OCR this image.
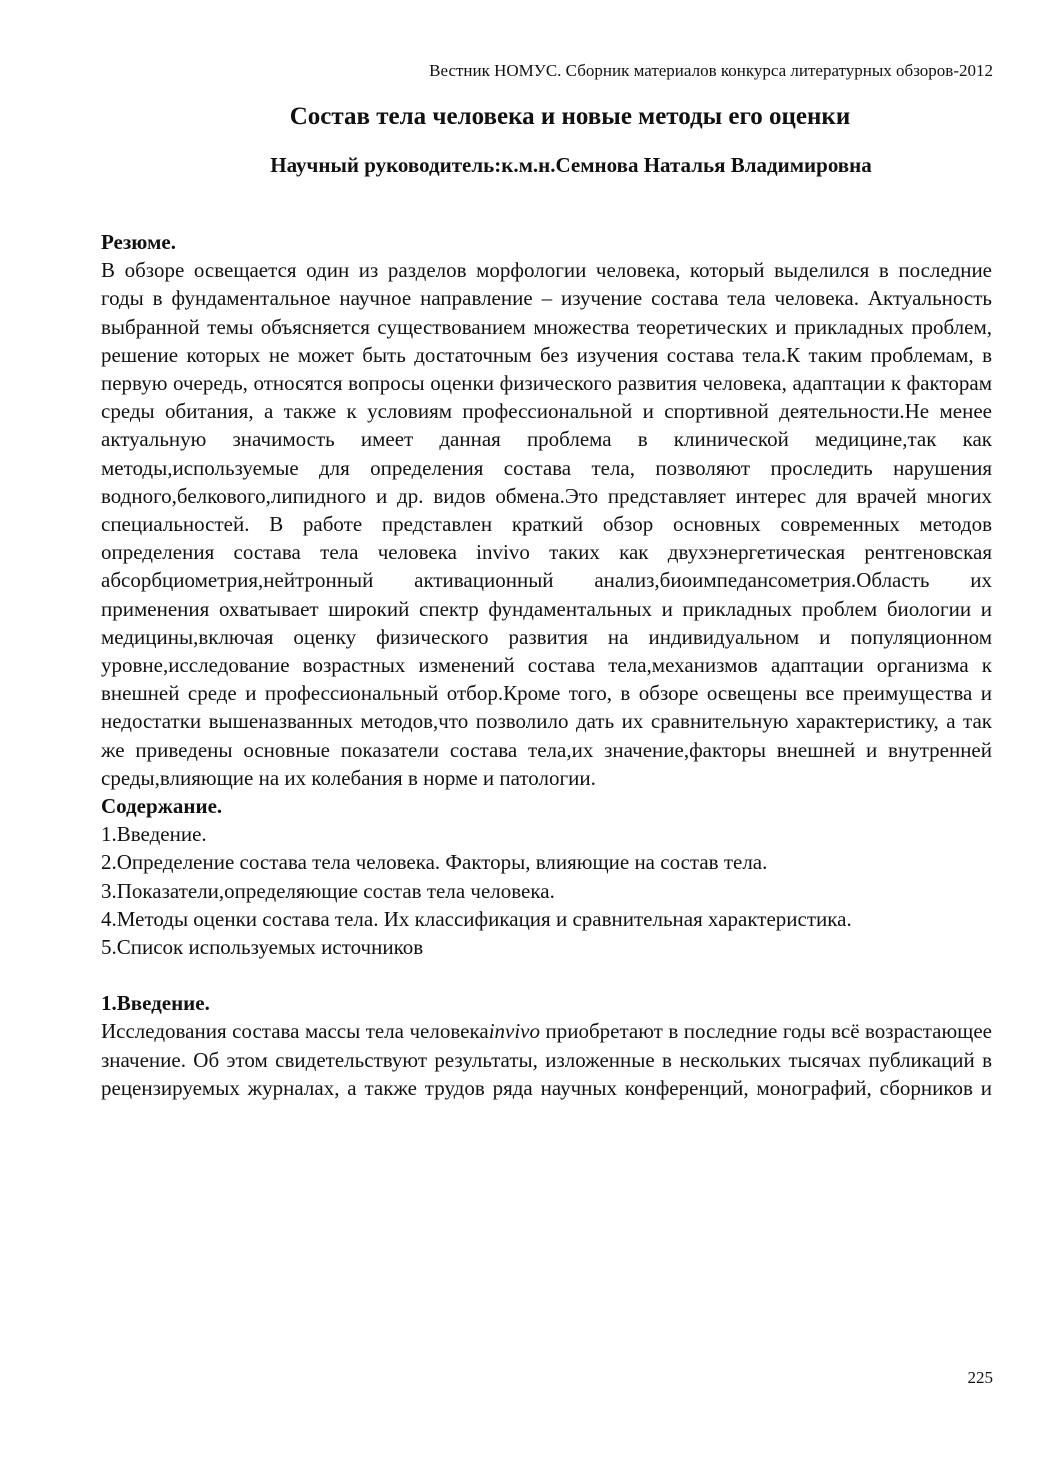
Вестник НОМУС. Сборник материалов конкурса литературных обзоров-2012
Состав тела человека и новые методы его оценки
Научный руководитель:к.м.н.Семнова Наталья Владимировна
Резюме.
В обзоре освещается один из разделов морфологии человека, который выделился в последние годы в фундаментальное научное направление – изучение состава тела человека. Актуальность выбранной темы объясняется существованием множества теоретических и прикладных проблем, решение которых не может быть достаточным без изучения состава тела.К таким проблемам, в первую очередь, относятся вопросы оценки физического развития человека, адаптации к факторам среды обитания, а также к условиям профессиональной и спортивной деятельности.Не менее актуальную значимость имеет данная проблема в клинической медицине,так как методы,используемые для определения состава тела, позволяют проследить нарушения водного,белкового,липидного и др. видов обмена.Это представляет интерес для врачей многих специальностей. В работе представлен краткий обзор основных современных методов определения состава тела человека invivo таких как двухэнергетическая рентгеновская абсорбциометрия,нейтронный активационный анализ,биоимпедансометрия.Область их применения охватывает широкий спектр фундаментальных и прикладных проблем биологии и медицины,включая оценку физического развития на индивидуальном и популяционном уровне,исследование возрастных изменений состава тела,механизмов адаптации организма к внешней среде и профессиональный отбор.Кроме того, в обзоре освещены все преимущества и недостатки вышеназванных методов,что позволило дать их сравнительную характеристику, а так же приведены основные показатели состава тела,их значение,факторы внешней и внутренней среды,влияющие на их колебания в норме и патологии.
Содержание.
1.Введение.
2.Определение состава тела человека. Факторы, влияющие на состав тела.
3.Показатели,определяющие состав тела человека.
4.Методы оценки состава тела. Их классификация и сравнительная характеристика.
5.Список используемых источников
1.Введение.
Исследования состава массы тела человекаinvivo приобретают в последние годы всё возрастающее значение. Об этом свидетельствуют результаты, изложенные в нескольких тысячах публикаций в рецензируемых журналах, а также трудов ряда научных конференций, монографий, сборников и
225
